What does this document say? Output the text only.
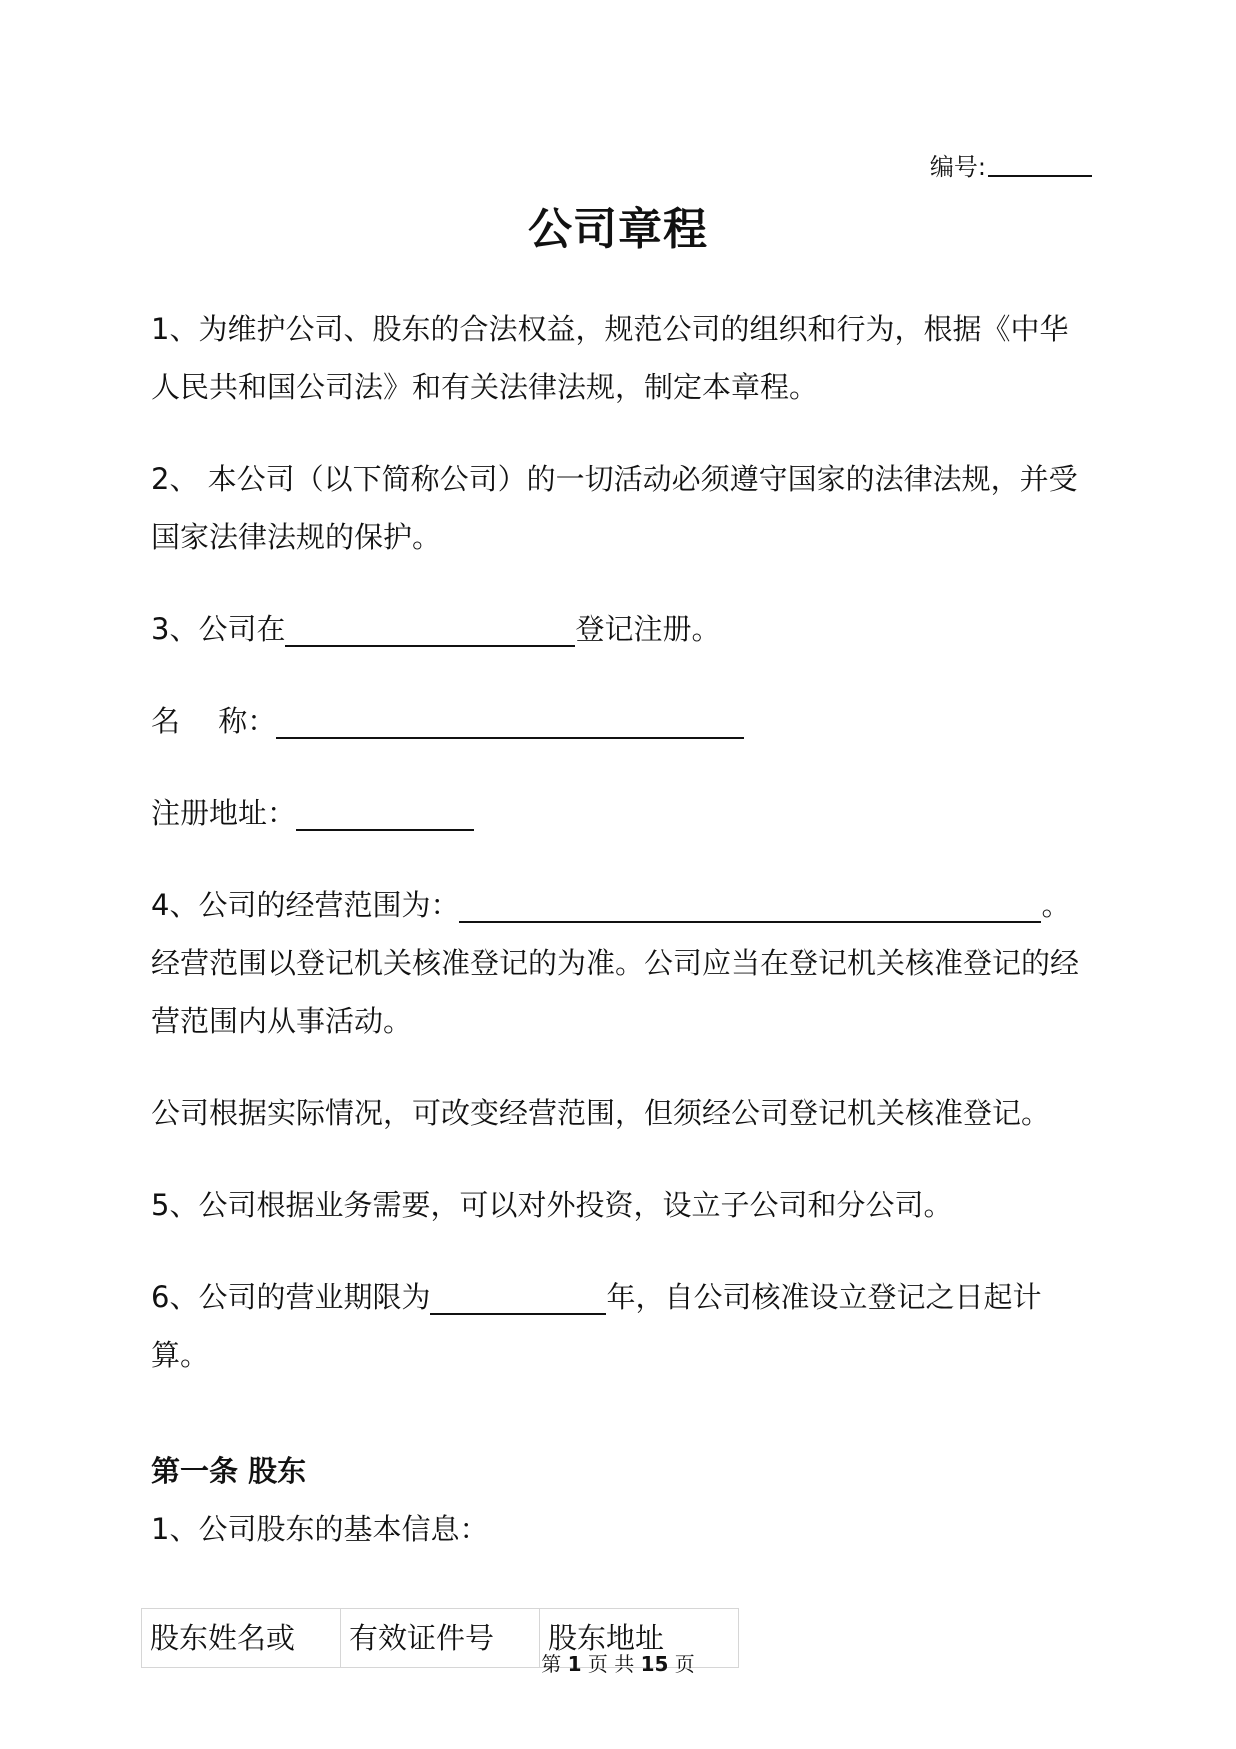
编号:
公司章程

1、为维护公司、股东的合法权益，规范公司的组织和行为，根据《中华人民共和国公司法》和有关法律法规，制定本章程。

2、 本公司（以下简称公司）的一切活动必须遵守国家的法律法规，并受国家法律法规的保护。

3、公司在	登记注册。

名　 称：

注册地址：

4、公司的经营范围为：	。

经营范围以登记机关核准登记的为准。公司应当在登记机关核准登记的经营范围内从事活动。

公司根据实际情况，可改变经营范围，但须经公司登记机关核准登记。

5、公司根据业务需要，可以对外投资，设立子公司和分公司。

6、公司的营业期限为	年，自公司核准设立登记之日起计算。

第一条 股东
1、公司股东的基本信息：
股东姓名或	有效证件号	股东地址
第 1 页 共 15 页
